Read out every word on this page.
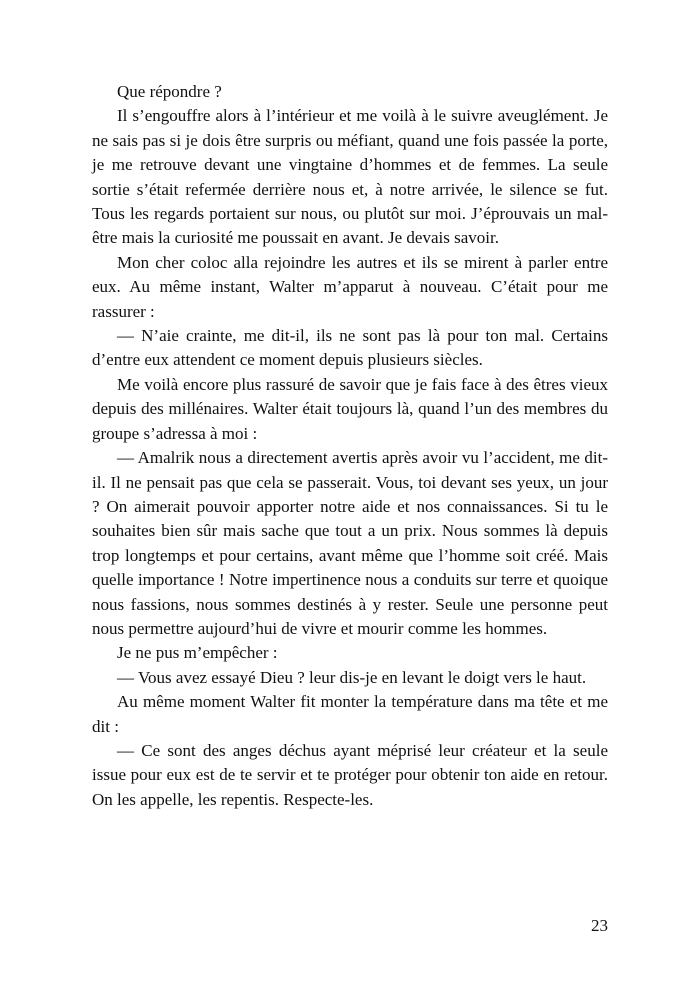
Que répondre ?

Il s’engouffre alors à l’intérieur et me voilà à le suivre aveuglément. Je ne sais pas si je dois être surpris ou méfiant, quand une fois passée la porte, je me retrouve devant une vingtaine d’hommes et de femmes. La seule sortie s’était refermée derrière nous et, à notre arrivée, le silence se fut. Tous les regards portaient sur nous, ou plutôt sur moi. J’éprouvais un mal-être mais la curiosité me poussait en avant. Je devais savoir.

Mon cher coloc alla rejoindre les autres et ils se mirent à parler entre eux. Au même instant, Walter m’apparut à nouveau. C’était pour me rassurer :

— N’aie crainte, me dit-il, ils ne sont pas là pour ton mal. Certains d’entre eux attendent ce moment depuis plusieurs siècles.

Me voilà encore plus rassuré de savoir que je fais face à des êtres vieux depuis des millénaires. Walter était toujours là, quand l’un des membres du groupe s’adressa à moi :

— Amalrik nous a directement avertis après avoir vu l’accident, me dit-il. Il ne pensait pas que cela se passerait. Vous, toi devant ses yeux, un jour ? On aimerait pouvoir apporter notre aide et nos connaissances. Si tu le souhaites bien sûr mais sache que tout a un prix. Nous sommes là depuis trop longtemps et pour certains, avant même que l’homme soit créé. Mais quelle importance ! Notre impertinence nous a conduits sur terre et quoique nous fassions, nous sommes destinés à y rester. Seule une personne peut nous permettre aujourd’hui de vivre et mourir comme les hommes.

Je ne pus m’empêcher :

— Vous avez essayé Dieu ? leur dis-je en levant le doigt vers le haut.

Au même moment Walter fit monter la température dans ma tête et me dit :

— Ce sont des anges déchus ayant méprisé leur créateur et la seule issue pour eux est de te servir et te protéger pour obtenir ton aide en retour. On les appelle, les repentis. Respecte-les.

23
